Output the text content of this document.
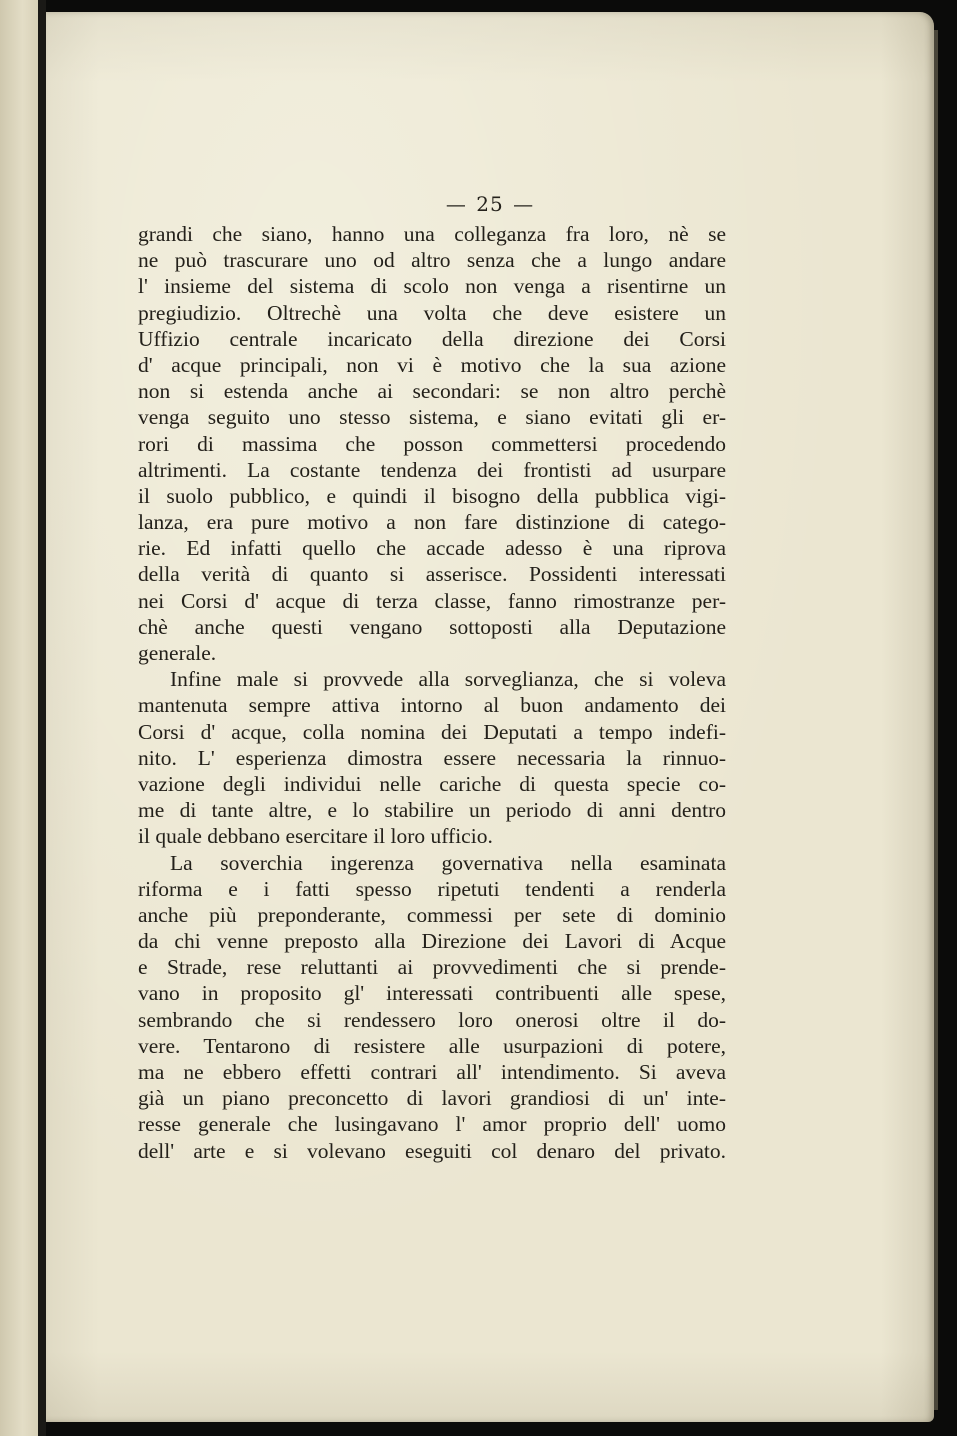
— 25 —
grandi che siano, hanno una colleganza fra loro, nè se
ne può trascurare uno od altro senza che a lungo andare
l' insieme del sistema di scolo non venga a risentirne un
pregiudizio. Oltrechè una volta che deve esistere un
Uffizio centrale incaricato della direzione dei Corsi
d' acque principali, non vi è motivo che la sua azione
non si estenda anche ai secondari: se non altro perchè
venga seguito uno stesso sistema, e siano evitati gli er-
rori di massima che posson commettersi procedendo
altrimenti. La costante tendenza dei frontisti ad usurpare
il suolo pubblico, e quindi il bisogno della pubblica vigi-
lanza, era pure motivo a non fare distinzione di catego-
rie. Ed infatti quello che accade adesso è una riprova
della verità di quanto si asserisce. Possidenti interessati
nei Corsi d' acque di terza classe, fanno rimostranze per-
chè anche questi vengano sottoposti alla Deputazione
generale.
Infine male si provvede alla sorveglianza, che si voleva
mantenuta sempre attiva intorno al buon andamento dei
Corsi d' acque, colla nomina dei Deputati a tempo indefi-
nito. L' esperienza dimostra essere necessaria la rinnuo-
vazione degli individui nelle cariche di questa specie co-
me di tante altre, e lo stabilire un periodo di anni dentro
il quale debbano esercitare il loro ufficio.
La soverchia ingerenza governativa nella esaminata
riforma e i fatti spesso ripetuti tendenti a renderla
anche più preponderante, commessi per sete di dominio
da chi venne preposto alla Direzione dei Lavori di Acque
e Strade, rese reluttanti ai provvedimenti che si prende-
vano in proposito gl' interessati contribuenti alle spese,
sembrando che si rendessero loro onerosi oltre il do-
vere. Tentarono di resistere alle usurpazioni di potere,
ma ne ebbero effetti contrari all' intendimento. Si aveva
già un piano preconcetto di lavori grandiosi di un' inte-
resse generale che lusingavano l' amor proprio dell' uomo
dell' arte e si volevano eseguiti col denaro del privato.
